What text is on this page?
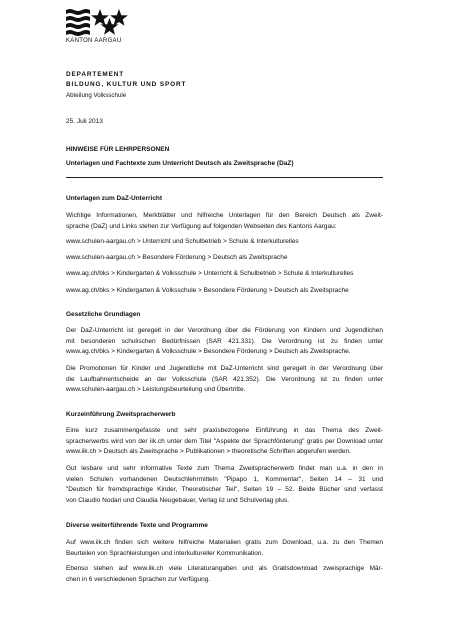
KANTON AARGAU
DEPARTEMENT
BILDUNG, KULTUR UND SPORT
Abteilung Volksschule
25. Juli 2013
HINWEISE FÜR LEHRPERSONEN
Unterlagen und Fachtexte zum Unterricht Deutsch als Zweitsprache (DaZ)
Unterlagen zum DaZ-Unterricht
Wichtige Informationen, Merkblätter und hilfreiche Unterlagen für den Bereich Deutsch als Zweit-
sprache (DaZ) und Links stehen zur Verfügung auf folgenden Webseiten des Kantons Aargau:
www.schulen-aargau.ch > Unterricht und Schulbetrieb > Schule & Interkulturelles
www.schulen-aargau.ch > Besondere Förderung > Deutsch als Zweitsprache
www.ag.ch/bks > Kindergarten & Volksschule > Unterricht & Schulbetrieb > Schule & Interkulturelles
www.ag.ch/bks > Kindergarten & Volksschule > Besondere Förderung > Deutsch als Zweitsprache
Gesetzliche Grundlagen
Der DaZ-Unterricht ist geregelt in der Verordnung über die Förderung von Kindern und Jugendlichen
mit besonderen schulischen Bedürfnissen (SAR 421.331). Die Verordnung ist zu finden unter
www.ag.ch/bks > Kindergarten & Volksschule > Besondere Förderung > Deutsch als Zweitsprache.
Die Promotionen für Kinder und Jugendliche mit DaZ-Unterricht sind geregelt in der Verordnung über
die Laufbahnentscheide an der Volksschule (SAR 421.352). Die Verordnung ist zu finden unter
www.schulen-aargau.ch > Leistungsbeurteilung und Übertritte.
Kurzeinführung Zweitspracherwerb
Eine kurz zusammengefasste und sehr praxisbezogene Einführung in das Thema des Zweit-
spracherwerbs wird von der iik.ch unter dem Titel "Aspekte der Sprachförderung" gratis per Download unter
www.iik.ch > Deutsch als Zweitsprache > Publikationen > theoretische Schriften abgerufen werden.
Gut lesbare und sehr informative Texte zum Thema Zweitspracherwerb findet man u.a. in den in
vielen Schulen vorhandenen Deutschlehrmitteln "Pipapo 1, Kommentar", Seiten 14 – 31 und
"Deutsch für fremdsprachige Kinder, Theoretischer Teil", Seiten 19 – 52. Beide Bücher sind verfasst
von Claudio Nodari und Claudia Neugebauer, Verlag iiz und Schulverlag plus.
Diverse weiterführende Texte und Programme
Auf www.iik.ch finden sich weitere hilfreiche Materialien gratis zum Download, u.a. zu den Themen
Beurteilen von Sprachleistungen und interkultureller Kommunikation.
Ebenso stehen auf www.iik.ch viele Literaturangaben und als Gratisdownload zweisprachige Mär-
chen in 6 verschiedenen Sprachen zur Verfügung.
